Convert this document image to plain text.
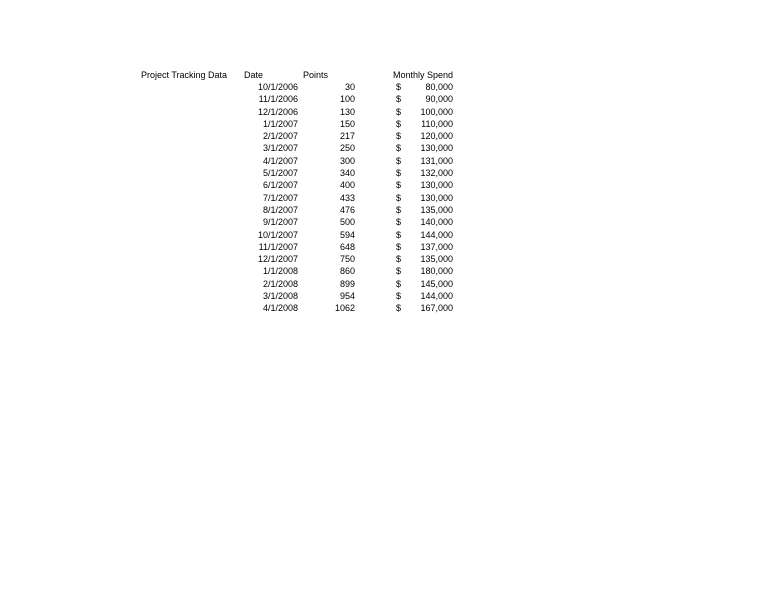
Project Tracking Data Date	Points	Monthly Spend
10/1/2006	30	$	80,000
11/1/2006	100	$	90,000
12/1/2006	130	$ 100,000
1/1/2007	150	$ 110,000
2/1/2007	217	$ 120,000
3/1/2007	250	$ 130,000
4/1/2007	300	$ 131,000
5/1/2007	340	$ 132,000
6/1/2007	400	$ 130,000
7/1/2007	433	$ 130,000
8/1/2007	476	$ 135,000
9/1/2007	500	$ 140,000
10/1/2007	594	$ 144,000
11/1/2007	648	$ 137,000
12/1/2007	750	$ 135,000
1/1/2008	860	$ 180,000
2/1/2008	899	$ 145,000
3/1/2008	954	$ 144,000
4/1/2008	1062	$ 167,000
